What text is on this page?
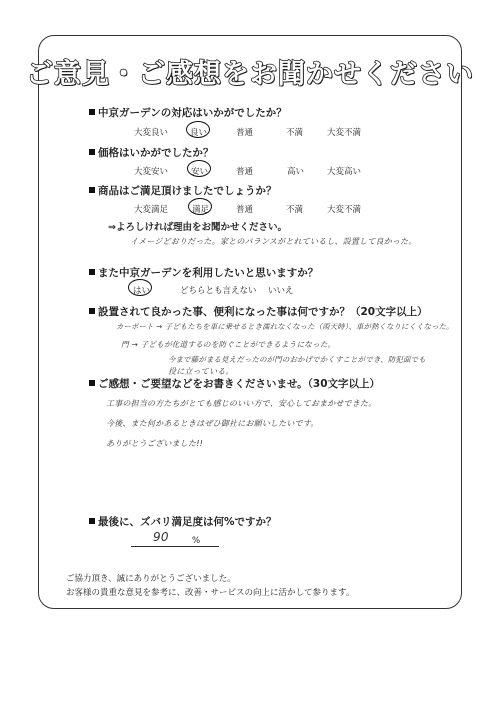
ご意見・ご感想をお聞かせください
中京ガーデンの対応はいかがでしたか？
大変良い	良い	普通	不満	大変不満
価格はいかがでしたか？
大変安い	安い	普通	高い	大変高い
商品はご満足頂けましたでしょうか？
大変満足	満足	普通	不満	大変不満
⇒よろしければ理由をお聞かせください。
イメージどおりだった。家とのバランスがとれているし、設置して良かった。
また中京ガーデンを利用したいと思いますか？
はい	どちらとも言えない いいえ
設置されて良かった事、便利になった事は何ですか？（20文字以上）
カーポート → 子どもたちを車に乗せるとき濡れなくなった（雨天時）、車が熱くなりにくくなった。
門 → 子どもが化道するのを防ぐことができるようになった。
今まで藤がまる見えだったのが門のおかげでかくすことができ、防犯面でも
役に立っている。
ご感想・ご要望などをお書きくださいませ。（30文字以上）
工事の担当の方たちがとても感じのいい方で、安心しておまかせできた。
今後、また何かあるときはぜひ御社にお願いしたいです。
ありがとうございました!!
最後に、ズバリ満足度は何%ですか？
90	%
ご協力頂き、誠にありがとうございました。
お客様の貴重な意見を参考に、改善・サービスの向上に活かして参ります。
